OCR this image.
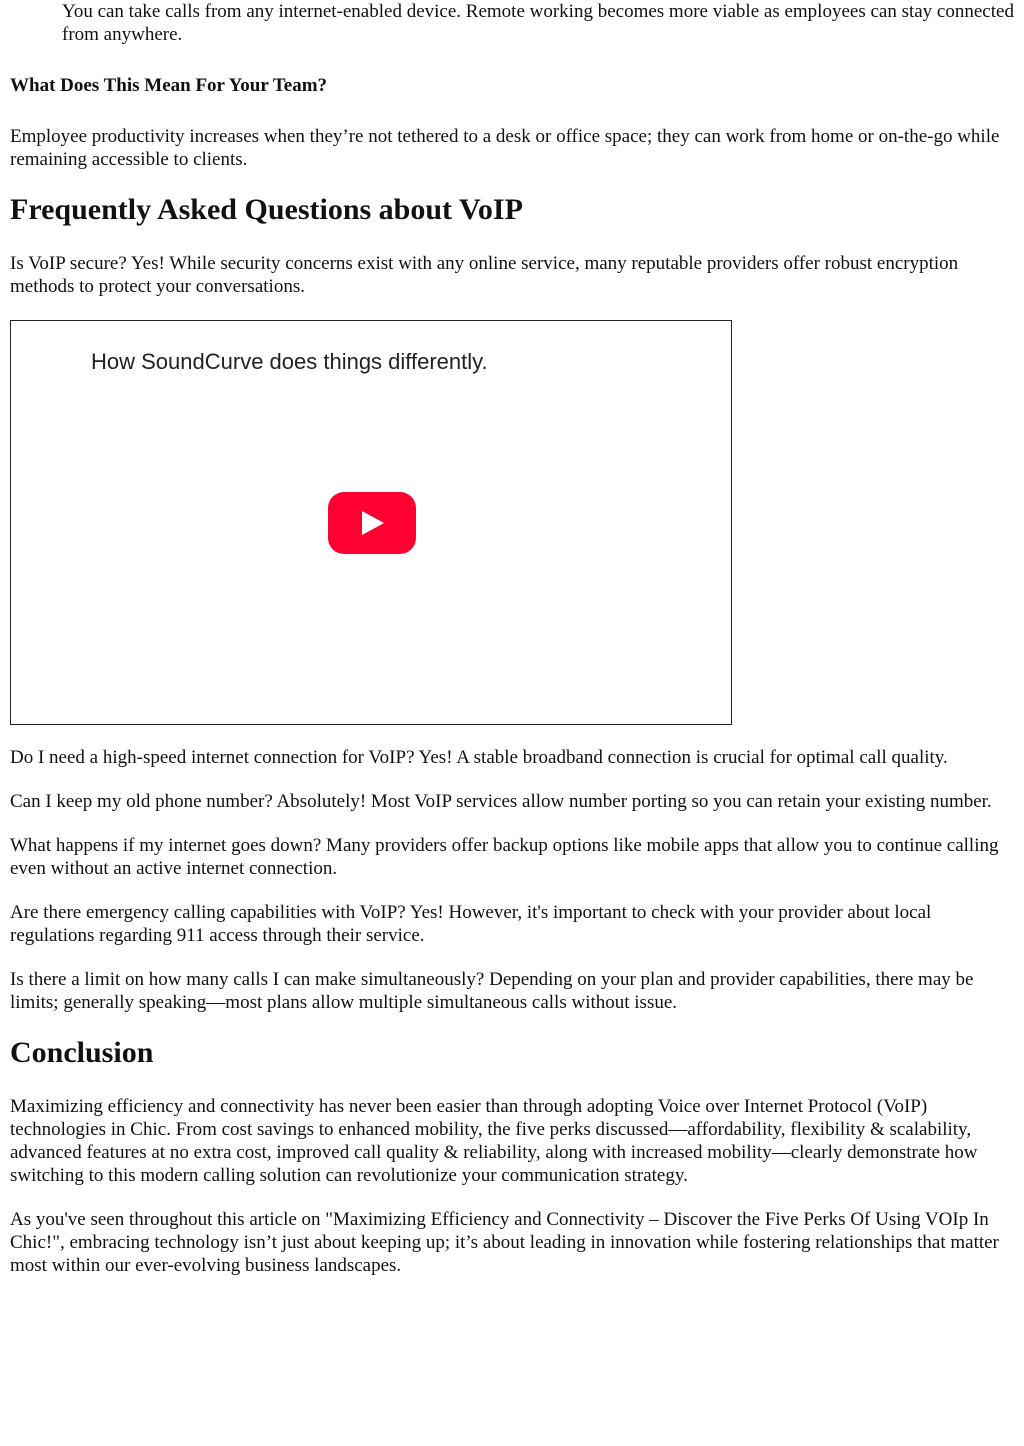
You can take calls from any internet-enabled device. Remote working becomes more viable as employees can stay connected from anywhere.

What Does This Mean For Your Team?

Employee productivity increases when they’re not tethered to a desk or office space; they can work from home or on-the-go while remaining accessible to clients.

Frequently Asked Questions about VoIP

Is VoIP secure? Yes! While security concerns exist with any online service, many reputable providers offer robust encryption methods to protect your conversations.

How SoundCurve does things differently.

Do I need a high-speed internet connection for VoIP? Yes! A stable broadband connection is crucial for optimal call quality.

Can I keep my old phone number? Absolutely! Most VoIP services allow number porting so you can retain your existing number.

What happens if my internet goes down? Many providers offer backup options like mobile apps that allow you to continue calling even without an active internet connection.

Are there emergency calling capabilities with VoIP? Yes! However, it's important to check with your provider about local regulations regarding 911 access through their service.

Is there a limit on how many calls I can make simultaneously? Depending on your plan and provider capabilities, there may be limits; generally speaking—most plans allow multiple simultaneous calls without issue.

Conclusion

Maximizing efficiency and connectivity has never been easier than through adopting Voice over Internet Protocol (VoIP) technologies in Chic. From cost savings to enhanced mobility, the five perks discussed—affordability, flexibility & scalability, advanced features at no extra cost, improved call quality & reliability, along with increased mobility—clearly demonstrate how switching to this modern calling solution can revolutionize your communication strategy.

As you've seen throughout this article on "Maximizing Efficiency and Connectivity – Discover the Five Perks Of Using VOIp In Chic!", embracing technology isn’t just about keeping up; it’s about leading in innovation while fostering relationships that matter most within our ever-evolving business landscapes.
